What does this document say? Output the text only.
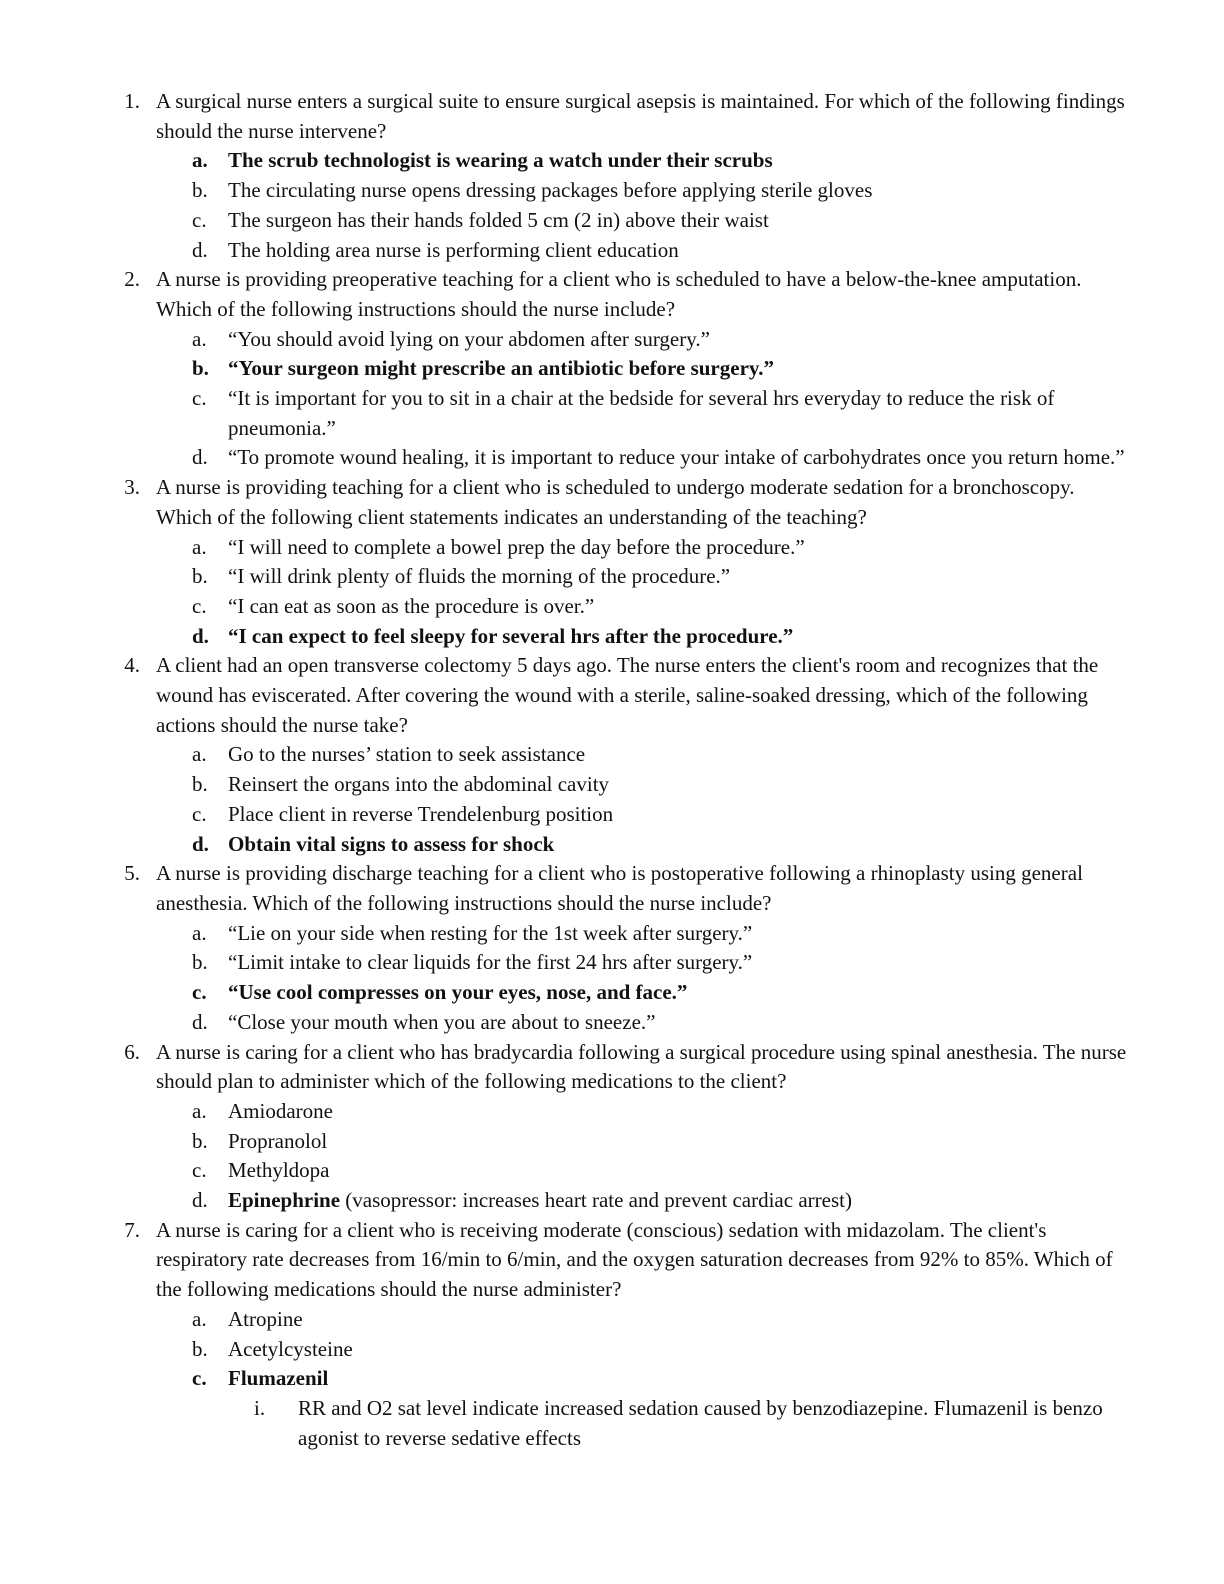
1. A surgical nurse enters a surgical suite to ensure surgical asepsis is maintained. For which of the following findings should the nurse intervene?
a. The scrub technologist is wearing a watch under their scrubs
b. The circulating nurse opens dressing packages before applying sterile gloves
c. The surgeon has their hands folded 5 cm (2 in) above their waist
d. The holding area nurse is performing client education
2. A nurse is providing preoperative teaching for a client who is scheduled to have a below-the-knee amputation. Which of the following instructions should the nurse include?
a. “You should avoid lying on your abdomen after surgery.”
b. “Your surgeon might prescribe an antibiotic before surgery.”
c. “It is important for you to sit in a chair at the bedside for several hrs everyday to reduce the risk of pneumonia.”
d. “To promote wound healing, it is important to reduce your intake of carbohydrates once you return home.”
3. A nurse is providing teaching for a client who is scheduled to undergo moderate sedation for a bronchoscopy. Which of the following client statements indicates an understanding of the teaching?
a. “I will need to complete a bowel prep the day before the procedure.”
b. “I will drink plenty of fluids the morning of the procedure.”
c. “I can eat as soon as the procedure is over.”
d. “I can expect to feel sleepy for several hrs after the procedure.”
4. A client had an open transverse colectomy 5 days ago. The nurse enters the client's room and recognizes that the wound has eviscerated. After covering the wound with a sterile, saline-soaked dressing, which of the following actions should the nurse take?
a. Go to the nurses’ station to seek assistance
b. Reinsert the organs into the abdominal cavity
c. Place client in reverse Trendelenburg position
d. Obtain vital signs to assess for shock
5. A nurse is providing discharge teaching for a client who is postoperative following a rhinoplasty using general anesthesia. Which of the following instructions should the nurse include?
a. “Lie on your side when resting for the 1st week after surgery.”
b. “Limit intake to clear liquids for the first 24 hrs after surgery.”
c. “Use cool compresses on your eyes, nose, and face.”
d. “Close your mouth when you are about to sneeze.”
6. A nurse is caring for a client who has bradycardia following a surgical procedure using spinal anesthesia. The nurse should plan to administer which of the following medications to the client?
a. Amiodarone
b. Propranolol
c. Methyldopa
d. Epinephrine (vasopressor: increases heart rate and prevent cardiac arrest)
7. A nurse is caring for a client who is receiving moderate (conscious) sedation with midazolam. The client's respiratory rate decreases from 16/min to 6/min, and the oxygen saturation decreases from 92% to 85%. Which of the following medications should the nurse administer?
a. Atropine
b. Acetylcysteine
c. Flumazenil
i. RR and O2 sat level indicate increased sedation caused by benzodiazepine. Flumazenil is benzo agonist to reverse sedative effects
